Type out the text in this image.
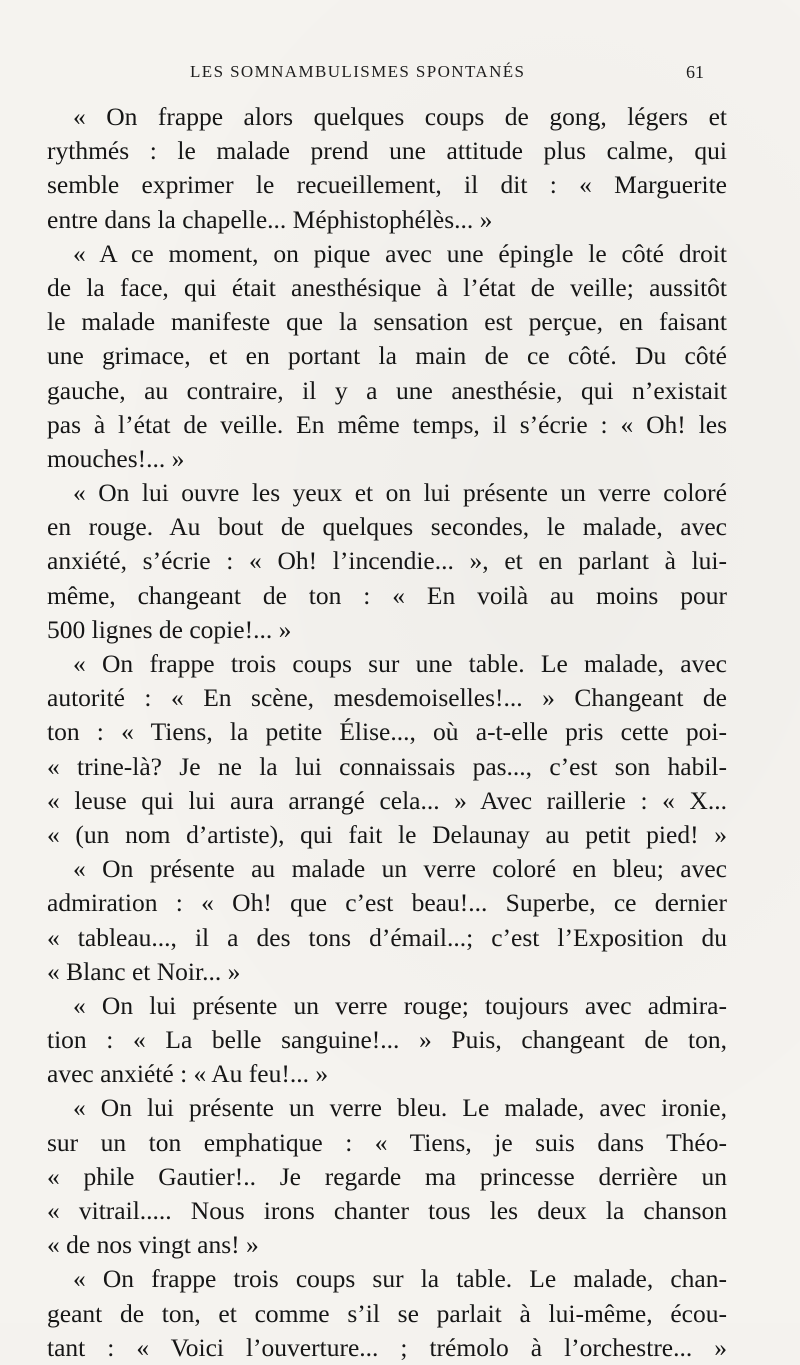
LES SOMNAMBULISMES SPONTANÉS	61
« On frappe alors quelques coups de gong, légers et
rythmés : le malade prend une attitude plus calme, qui
semble exprimer le recueillement, il dit : « Marguerite
entre dans la chapelle... Méphistophélès... »
« A ce moment, on pique avec une épingle le côté droit
de la face, qui était anesthésique à l’état de veille; aussitôt
le malade manifeste que la sensation est perçue, en faisant
une grimace, et en portant la main de ce côté. Du côté
gauche, au contraire, il y a une anesthésie, qui n’existait
pas à l’état de veille. En même temps, il s’écrie : « Oh! les
mouches!... »
« On lui ouvre les yeux et on lui présente un verre coloré
en rouge. Au bout de quelques secondes, le malade, avec
anxiété, s’écrie : « Oh! l’incendie... », et en parlant à lui-
même, changeant de ton : « En voilà au moins pour
500 lignes de copie!... »
« On frappe trois coups sur une table. Le malade, avec
autorité : « En scène, mesdemoiselles!... » Changeant de
ton : « Tiens, la petite Élise..., où a-t-elle pris cette poi-
« trine-là? Je ne la lui connaissais pas..., c’est son habil-
« leuse qui lui aura arrangé cela... » Avec raillerie : « X...
« (un nom d’artiste), qui fait le Delaunay au petit pied! »
« On présente au malade un verre coloré en bleu; avec
admiration : « Oh! que c’est beau!... Superbe, ce dernier
« tableau..., il a des tons d’émail...; c’est l’Exposition du
« Blanc et Noir... »
« On lui présente un verre rouge; toujours avec admira-
tion : « La belle sanguine!... » Puis, changeant de ton,
avec anxiété : « Au feu!... »
« On lui présente un verre bleu. Le malade, avec ironie,
sur un ton emphatique : « Tiens, je suis dans Théo-
« phile Gautier!.. Je regarde ma princesse derrière un
« vitrail..... Nous irons chanter tous les deux la chanson
« de nos vingt ans! »
« On frappe trois coups sur la table. Le malade, chan-
geant de ton, et comme s’il se parlait à lui-même, écou-
tant : « Voici l’ouverture... ; trémolo à l’orchestre... »
